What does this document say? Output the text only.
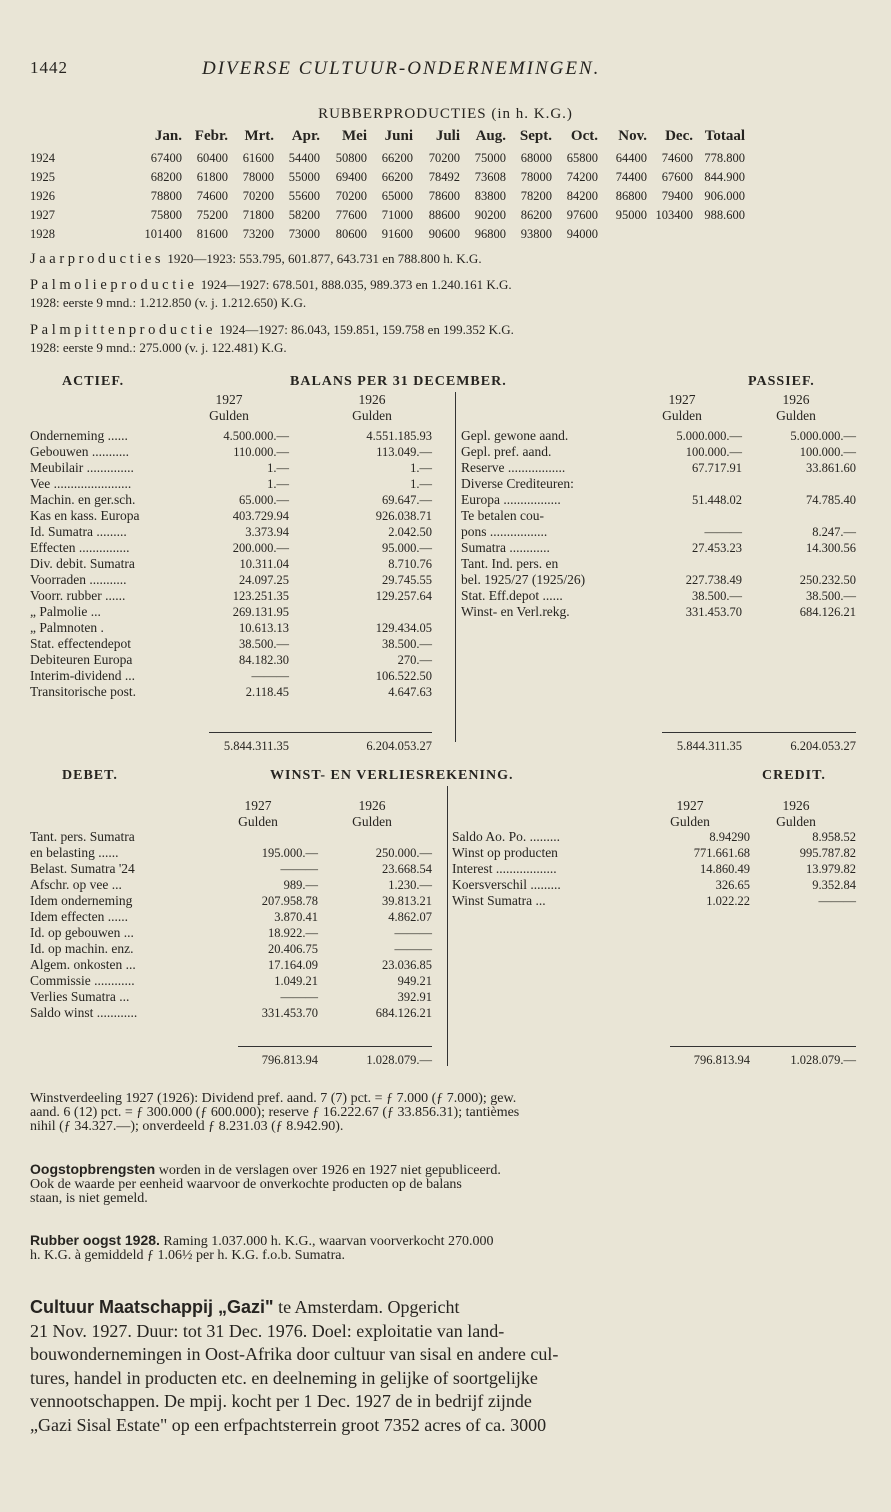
1442	DIVERSE CULTUUR-ONDERNEMINGEN.
RUBBERPRODUCTIES (in h. K.G.)
Jan. Febr. Mrt. Apr. Mei Juni Juli Aug. Sept. Oct. Nov. Dec. Totaal
1924	67400 60400 61600 54400 50800 66200 70200 75000 68000 65800 64400 74600 778.800
1925	68200 61800 78000 55000 69400 66200 78492 73608 78000 74200 74400 67600 844.900
1926	78800 74600 70200 55600 70200 65000 78600 83800 78200 84200 86800 79400 906.000
1927	75800 75200 71800 58200 77600 71000 88600 90200 86200 97600 95000 103400 988.600
1928	101400 81600 73200 73000 80600 91600 90600 96800 93800 94000
Jaarproducties 1920—1923: 553.795, 601.877, 643.731 en 788.800 h. K.G.
Palmolieproductie 1924—1927: 678.501, 888.035, 989.373 en 1.240.161 K.G.
1928: eerste 9 mnd.: 1.212.850 (v. j. 1.212.650) K.G.
Palmpittenproductie 1924—1927: 86.043, 159.851, 159.758 en 199.352 K.G.
1928: eerste 9 mnd.: 275.000 (v. j. 122.481) K.G.
ACTIEF.	BALANS PER 31 DECEMBER.	PASSIEF.
1927
Gulden
1926
Gulden
1927
Gulden
1926
Gulden
Onderneming ......	4.500.000.—	4.551.185.93
Gebouwen ...........	110.000.—	113.049.—
Meubilair ..............	1.—	1.—
Vee .......................	1.—	1.—
Machin. en ger.sch.	65.000.—	69.647.—
Kas en kass. Europa	403.729.94	926.038.71
Id. Sumatra .........	3.373.94	2.042.50
Effecten ...............	200.000.—	95.000.—
Div. debit. Sumatra	10.311.04	8.710.76
Voorraden ...........	24.097.25	29.745.55
Voorr. rubber ......	123.251.35	129.257.64
„ Palmolie ...	269.131.95
„ Palmnoten .	10.613.13	129.434.05
Stat. effectendepot	38.500.—	38.500.—
Debiteuren Europa	84.182.30	270.—
Interim-dividend ...	———	106.522.50
Transitorische post.	2.118.45	4.647.63
Gepl. gewone aand.	5.000.000.—	5.000.000.—
Gepl. pref. aand.	100.000.—	100.000.—
Reserve .................	67.717.91	33.861.60
Diverse Crediteuren:
Europa .................	51.448.02	74.785.40
Te betalen cou-
pons .................	———	8.247.—
Sumatra ............	27.453.23	14.300.56
Tant. Ind. pers. en
bel. 1925/27 (1925/26)	227.738.49	250.232.50
Stat. Eff.depot ......	38.500.—	38.500.—
Winst- en Verl.rekg.	331.453.70	684.126.21
5.844.311.35	6.204.053.27	5.844.311.35	6.204.053.27
DEBET.	WINST- EN VERLIESREKENING.	CREDIT.
1927
Gulden
1926
Gulden
1927
Gulden
1926
Gulden
Tant. pers. Sumatra
en belasting ......	195.000.—	250.000.—
Belast. Sumatra '24	———	23.668.54
Afschr. op vee ...	989.—	1.230.—
Idem onderneming	207.958.78	39.813.21
Idem effecten ......	3.870.41	4.862.07
Id. op gebouwen ...	18.922.—	———
Id. op machin. enz.	20.406.75	———
Algem. onkosten ...	17.164.09	23.036.85
Commissie ............	1.049.21	949.21
Verlies Sumatra ...	———	392.91
Saldo winst ............	331.453.70	684.126.21
Saldo Ao. Po. .........	8.94290	8.958.52
Winst op producten	771.661.68	995.787.82
Interest ..................	14.860.49	13.979.82
Koersverschil .........	326.65	9.352.84
Winst Sumatra ...	1.022.22	———
796.813.94	1.028.079.—	796.813.94	1.028.079.—
Winstverdeeling 1927 (1926): Dividend pref. aand. 7 (7) pct. = ƒ 7.000 (ƒ 7.000); gew.
aand. 6 (12) pct. = ƒ 300.000 (ƒ 600.000); reserve ƒ 16.222.67 (ƒ 33.856.31); tantièmes
nihil (ƒ 34.327.—); onverdeeld ƒ 8.231.03 (ƒ 8.942.90).
Oogstopbrengsten worden in de verslagen over 1926 en 1927 niet gepubliceerd.
Ook de waarde per eenheid waarvoor de onverkochte producten op de balans
staan, is niet gemeld.
Rubber oogst 1928. Raming 1.037.000 h. K.G., waarvan voorverkocht 270.000
h. K.G. à gemiddeld ƒ 1.06½ per h. K.G. f.o.b. Sumatra.
Cultuur Maatschappij „Gazi" te Amsterdam. Opgericht
21 Nov. 1927. Duur: tot 31 Dec. 1976. Doel: exploitatie van land-
bouwondernemingen in Oost-Afrika door cultuur van sisal en andere cul-
tures, handel in producten etc. en deelneming in gelijke of soortgelijke
vennootschappen. De mpij. kocht per 1 Dec. 1927 de in bedrijf zijnde
„Gazi Sisal Estate" op een erfpachtsterrein groot 7352 acres of ca. 3000
